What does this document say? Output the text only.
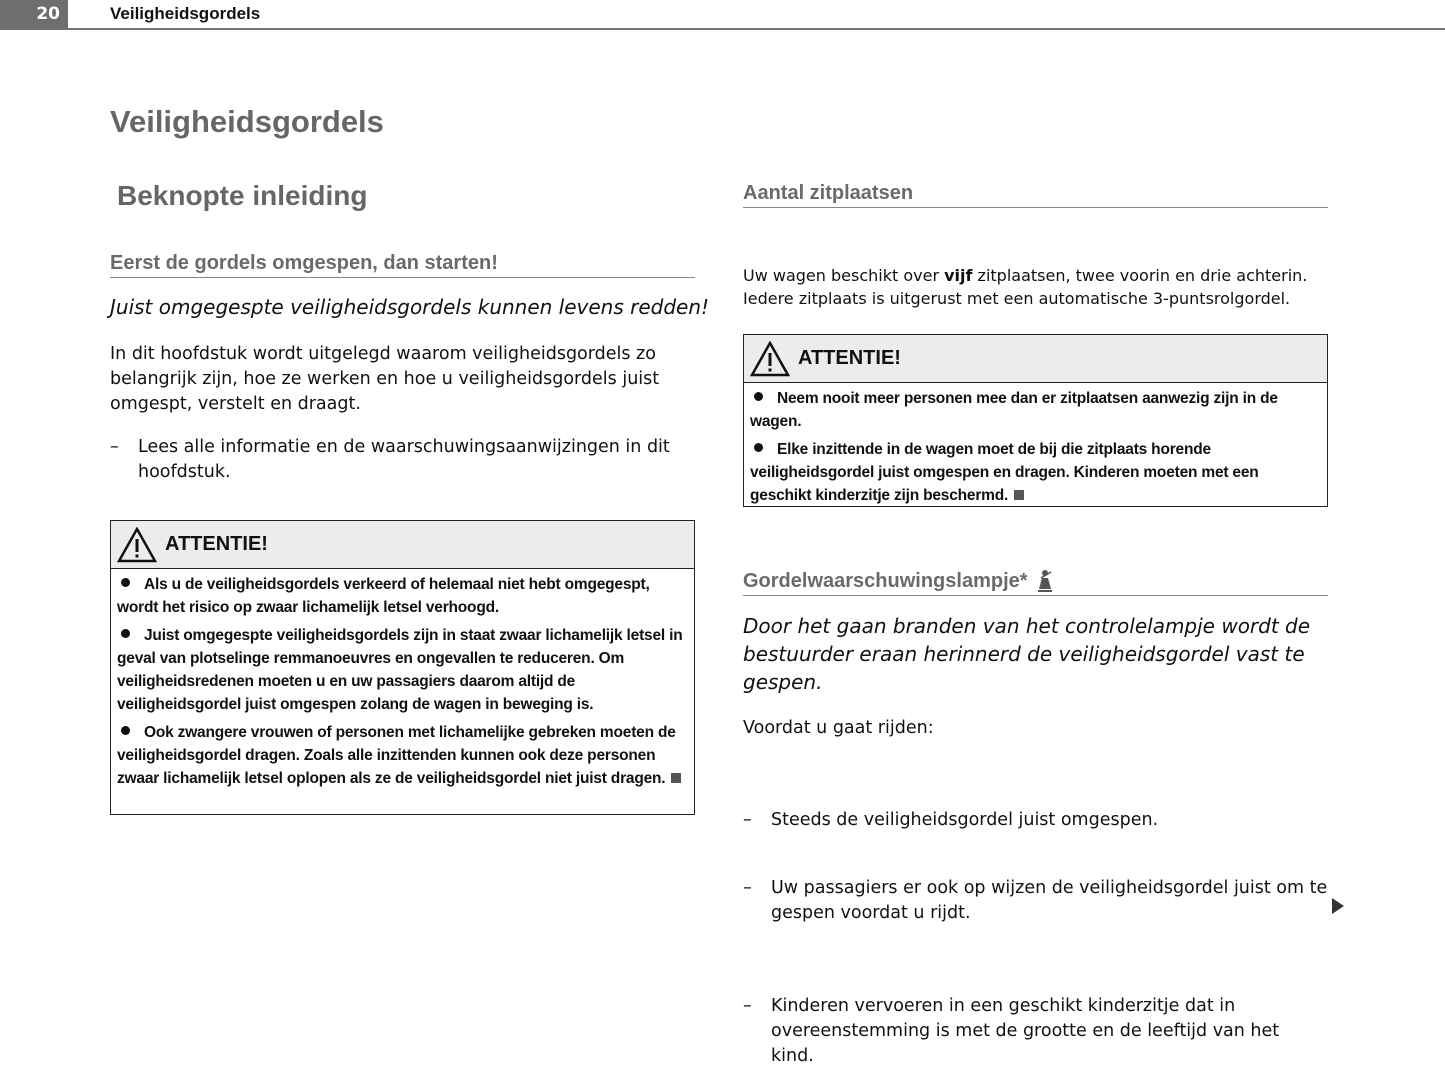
20	Veiligheidsgordels
Veiligheidsgordels
Beknopte inleiding
Eerst de gordels omgespen, dan starten!
Juist omgegespte veiligheidsgordels kunnen levens redden!
In dit hoofdstuk wordt uitgelegd waarom veiligheidsgordels zo belangrijk zijn, hoe ze werken en hoe u veiligheidsgordels juist omgespt, verstelt en draagt.
– Lees alle informatie en de waarschuwingsaanwijzingen in dit hoofdstuk.
ATTENTIE!

Als u de veiligheidsgordels verkeerd of helemaal niet hebt omgegespt, wordt het risico op zwaar lichamelijk letsel verhoogd.

Juist omgegespte veiligheidsgordels zijn in staat zwaar lichamelijk letsel in geval van plotselinge remmanoeuvres en ongevallen te reduceren. Om veiligheidsredenen moeten u en uw passagiers daarom altijd de veiligheidsgordel juist omgespen zolang de wagen in beweging is.

Ook zwangere vrouwen of personen met lichamelijke gebreken moeten de veiligheidsgordel dragen. Zoals alle inzittenden kunnen ook deze personen zwaar lichamelijk letsel oplopen als ze de veiligheidsgordel niet juist dragen.

Aantal zitplaatsen
Uw wagen beschikt over vijf zitplaatsen, twee voorin en drie achterin. Iedere zitplaats is uitgerust met een automatische 3-puntsrolgordel.
ATTENTIE!

Neem nooit meer personen mee dan er zitplaatsen aanwezig zijn in de wagen.

Elke inzittende in de wagen moet de bij die zitplaats horende veiligheidsgordel juist omgespen en dragen. Kinderen moeten met een geschikt kinderzitje zijn beschermd.

Gordelwaarschuwingslampje*
Door het gaan branden van het controlelampje wordt de bestuurder eraan herinnerd de veiligheidsgordel vast te gespen.
Voordat u gaat rijden:
– Steeds de veiligheidsgordel juist omgespen.
– Uw passagiers er ook op wijzen de veiligheidsgordel juist om te gespen voordat u rijdt.
– Kinderen vervoeren in een geschikt kinderzitje dat in overeenstemming is met de grootte en de leeftijd van het kind.
